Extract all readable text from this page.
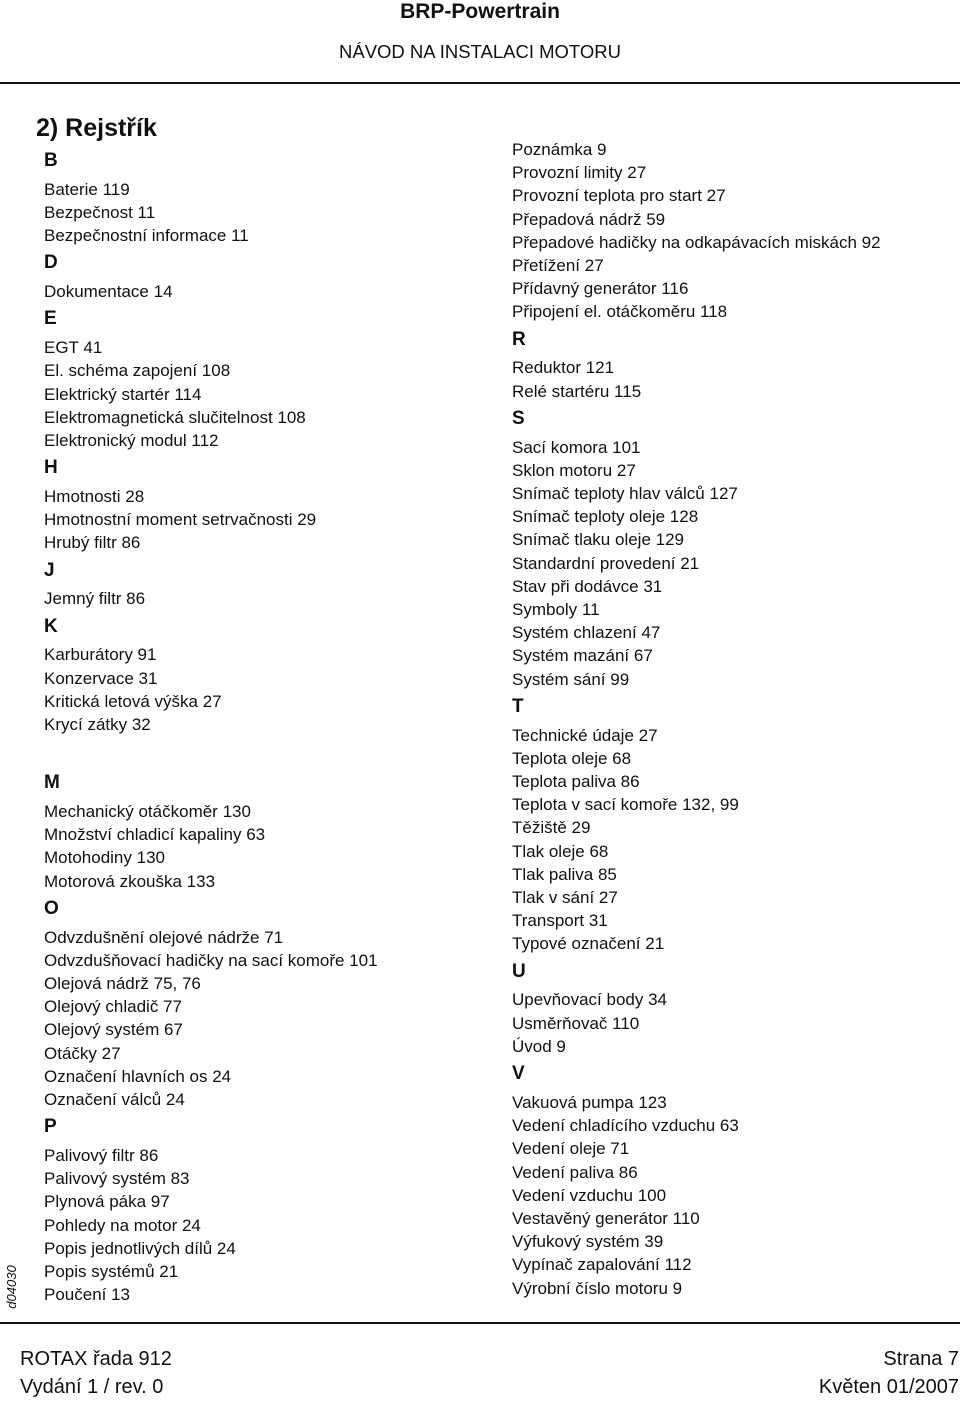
BRP-Powertrain
NÁVOD NA INSTALACI MOTORU
d04030
2) Rejstřík
B
Baterie 119
Bezpečnost 11
Bezpečnostní informace 11
D
Dokumentace 14
E
EGT 41
El. schéma zapojení 108
Elektrický startér 114
Elektromagnetická slučitelnost 108
Elektronický modul 112
H
Hmotnosti 28
Hmotnostní moment setrvačnosti 29
Hrubý filtr 86
J
Jemný filtr 86
K
Karburátory 91
Konzervace 31
Kritická letová výška 27
Krycí zátky 32
M
Mechanický otáčkoměr 130
Množství chladicí kapaliny 63
Motohodiny 130
Motorová zkouška 133
O
Odvzdušnění olejové nádrže 71
Odvzdušňovací hadičky na sací komoře 101
Olejová nádrž 75, 76
Olejový chladič 77
Olejový systém 67
Otáčky 27
Označení hlavních os 24
Označení válců 24
P
Palivový filtr 86
Palivový systém 83
Plynová páka 97
Pohledy na motor 24
Popis jednotlivých dílů 24
Popis systémů 21
Poučení 13
Poznámka 9
Provozní limity 27
Provozní teplota pro start 27
Přepadová nádrž 59
Přepadové hadičky na odkapávacích miskách 92
Přetížení 27
Přídavný generátor 116
Připojení el. otáčkoměru 118
R
Reduktor 121
Relé startéru 115
S
Sací komora 101
Sklon motoru 27
Snímač teploty hlav válců 127
Snímač teploty oleje 128
Snímač tlaku oleje 129
Standardní provedení 21
Stav při dodávce 31
Symboly 11
Systém chlazení 47
Systém mazání 67
Systém sání 99
T
Technické údaje 27
Teplota oleje 68
Teplota paliva 86
Teplota v sací komoře 132, 99
Těžiště 29
Tlak oleje 68
Tlak paliva 85
Tlak v sání 27
Transport 31
Typové označení 21
U
Upevňovací body 34
Usměrňovač 110
Úvod 9
V
Vakuová pumpa 123
Vedení chladícího vzduchu 63
Vedení oleje 71
Vedení paliva 86
Vedení vzduchu 100
Vestavěný generátor 110
Výfukový systém 39
Vypínač zapalování 112
Výrobní číslo motoru 9
ROTAX řada 912
Vydání 1 / rev. 0
Strana 7
Květen 01/2007
